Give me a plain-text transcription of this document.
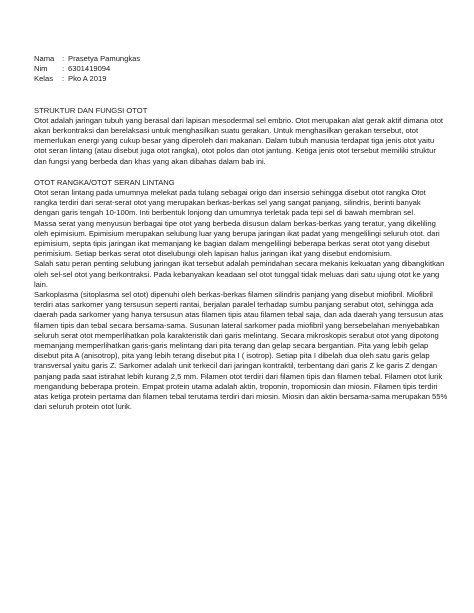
Nama	: Prasetya Pamungkas
Nim	: 6301419094
Kelas	: Pko A 2019
STRUKTUR DAN FUNGSI OTOT

Otot adalah jaringan tubuh yang berasal dari lapisan mesodermal sel embrio. Otot merupakan alat gerak aktif dimana otot akan berkontraksi dan berelaksasi untuk menghasilkan suatu gerakan. Untuk menghasilkan gerakan tersebut, otot memerlukan energi yang cukup besar yang diperoleh dari makanan. Dalam tubuh manusia terdapat tiga jenis otot yaitu otot seran lintang (atau disebut juga otot rangka), otot polos dan otot jantung. Ketiga jenis otot tersebut memiliki struktur dan fungsi yang berbeda dan khas yang akan dibahas dalam bab ini.

OTOT RANGKA/OTOT SERAN LINTANG

Otot seran lintang pada umumnya melekat pada tulang sebagai origo dan insersio sehingga disebut otot rangka Otot rangka terdiri dari serat-serat otot yang merupakan berkas-berkas sel yang sangat panjang, silindris, berinti banyak dengan garis tengah 10-100m. Inti berbentuk lonjong dan umumnya terletak pada tepi sel di bawah membran sel.

Massa serat yang menyusun berbagai tipe otot yang berbeda disusun dalam berkas-berkas yang teratur, yang dikeliling oleh epimisium. Epimisium merupakan selubung luar yang berupa jaringan ikat padat yang mengelilingi seluruh otot. dari epimisium, septa tipis jaringan ikat memanjang ke bagian dalam mengelilingi beberapa berkas serat otot yang disebut perimisium. Setiap berkas serat otot diselubungi oleh lapisan halus jaringan ikat yang disebut endomisium.

Salah satu peran penting selubung jaringan ikat tersebut adalah pemindahan secara mekanis kekuatan yang dibangkitkan oleh sel-sel otot yang berkontraksi. Pada kebanyakan keadaan sel otot tunggal tidak meluas dari satu ujung otot ke yang lain.

Sarkoplasma (sitoplasma sel otot) dipenuhi oleh berkas-berkas filamen silindris panjang yang disebut miofibril. Miofibril terdiri atas sarkomer yang tersusun seperti rantai, berjalan paralel terhadap sumbu panjang serabut otot, sehingga ada daerah pada sarkomer yang hanya tersusun atas filamen tipis atau filamen tebal saja, dan ada daerah yang tersusun atas filamen tipis dan tebal secara bersama-sama. Susunan lateral sarkomer pada miofibril yang bersebelahan menyebabkan seluruh serat otot memperlihatkan pola karakteristik dari garis melintang. Secara mikroskopis serabut otot yang dipotong memanjang memperlihatkan garis-garis melintang dari pita terang dan gelap secara bergantian. Pita yang lebih gelap disebut pita A (anisotrop), pita yang lebih terang disebut pita I ( isotrop). Setiap pita I dibelah dua oleh satu garis gelap transversal yaitu garis Z. Sarkomer adalah unit terkecil dari jaringan kontraktil, terbentang dari garis Z ke garis Z dengan panjang pada saat istirahat lebih kurang 2,5 mm. Filamen otot terdiri dari filamen tipis dan filamen tebal. Filamen otot lurik mengandung beberapa protein. Empat protein utama adalah aktin, troponin, tropomiosin dan miosin. Filamen tipis terdiri atas ketiga protein pertama dan filamen tebal terutama terdiri dari miosin. Miosin dan aktin bersama-sama merupakan 55% dari seluruh protein otot lurik.
